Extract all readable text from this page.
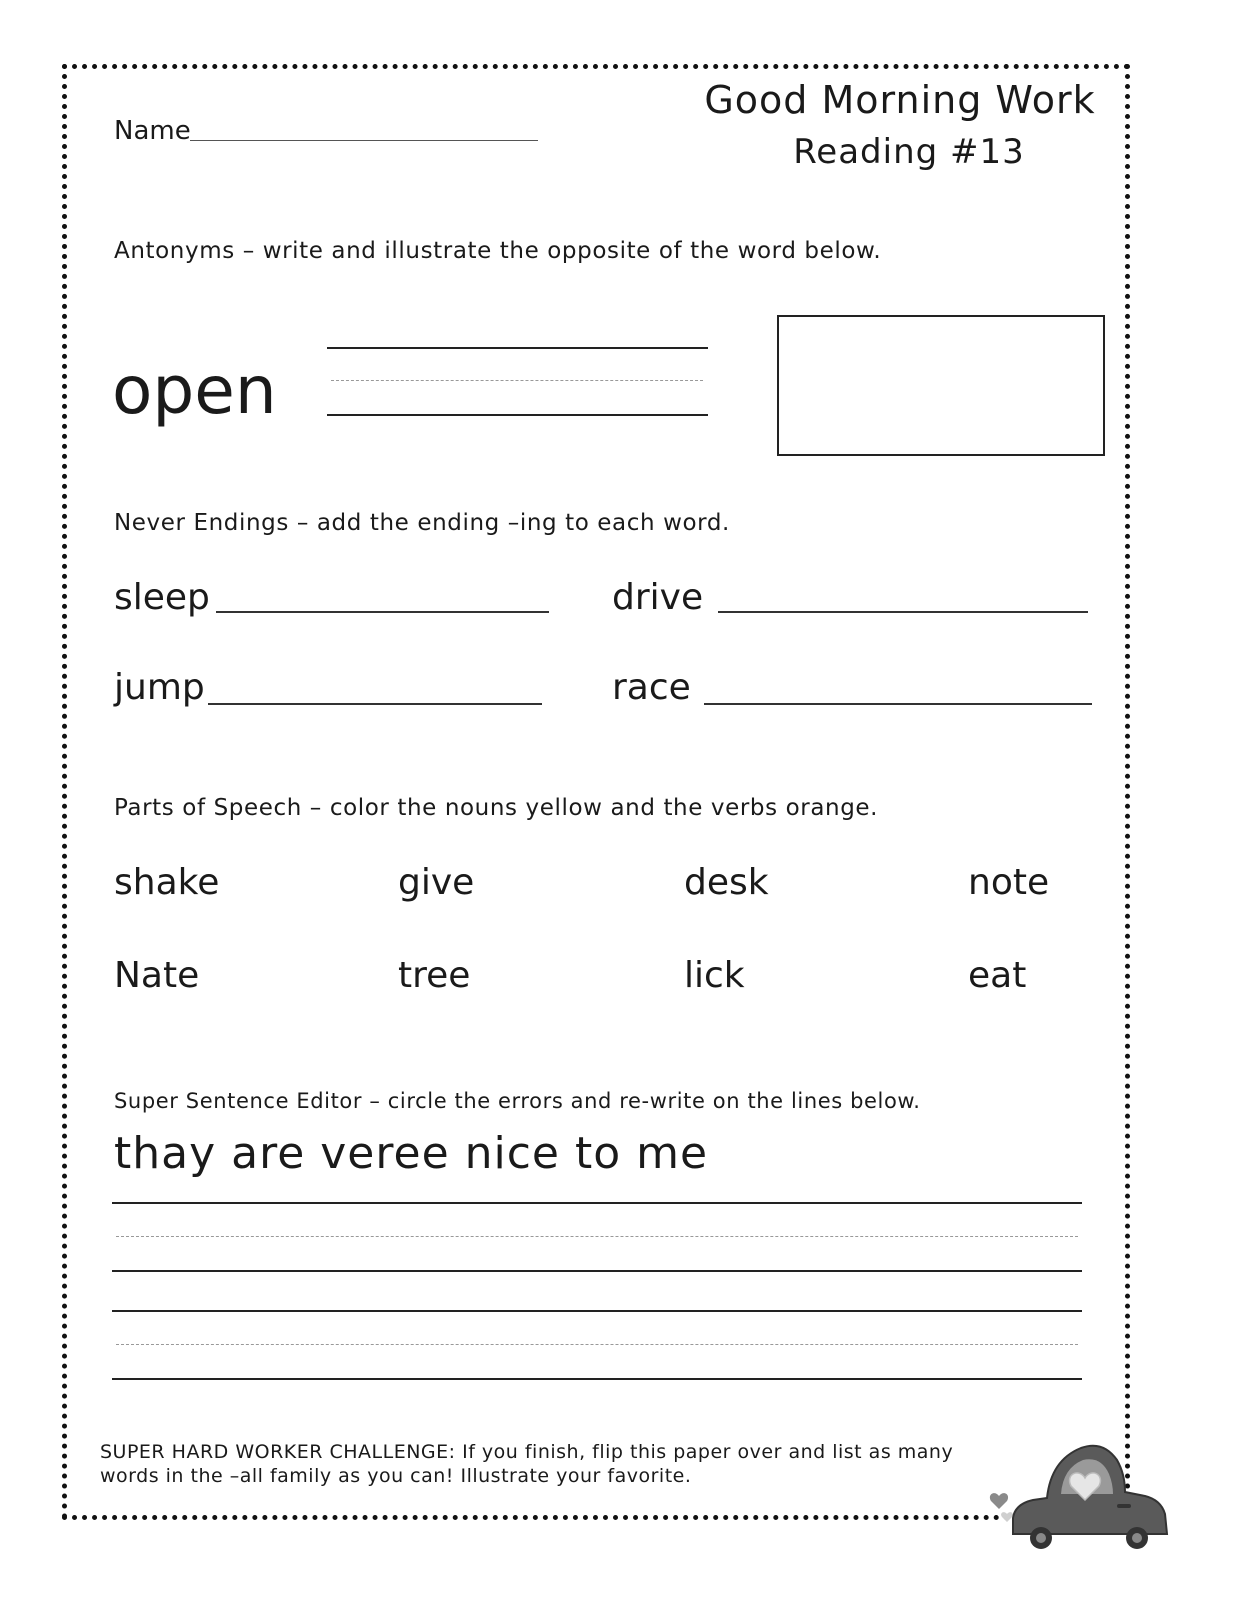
Name
Good Morning Work
Reading #13
Antonyms – write and illustrate the opposite of the word below.
open
Never Endings – add the ending –ing to each word.
sleep	drive
jump	race
Parts of Speech – color the nouns yellow and the verbs orange.
shake	give	desk	note
Nate	tree	lick	eat
Super Sentence Editor – circle the errors and re-write on the lines below.
thay are veree nice to me
SUPER HARD WORKER CHALLENGE: If you finish, flip this paper over and list as many
words in the –all family as you can! Illustrate your favorite.
